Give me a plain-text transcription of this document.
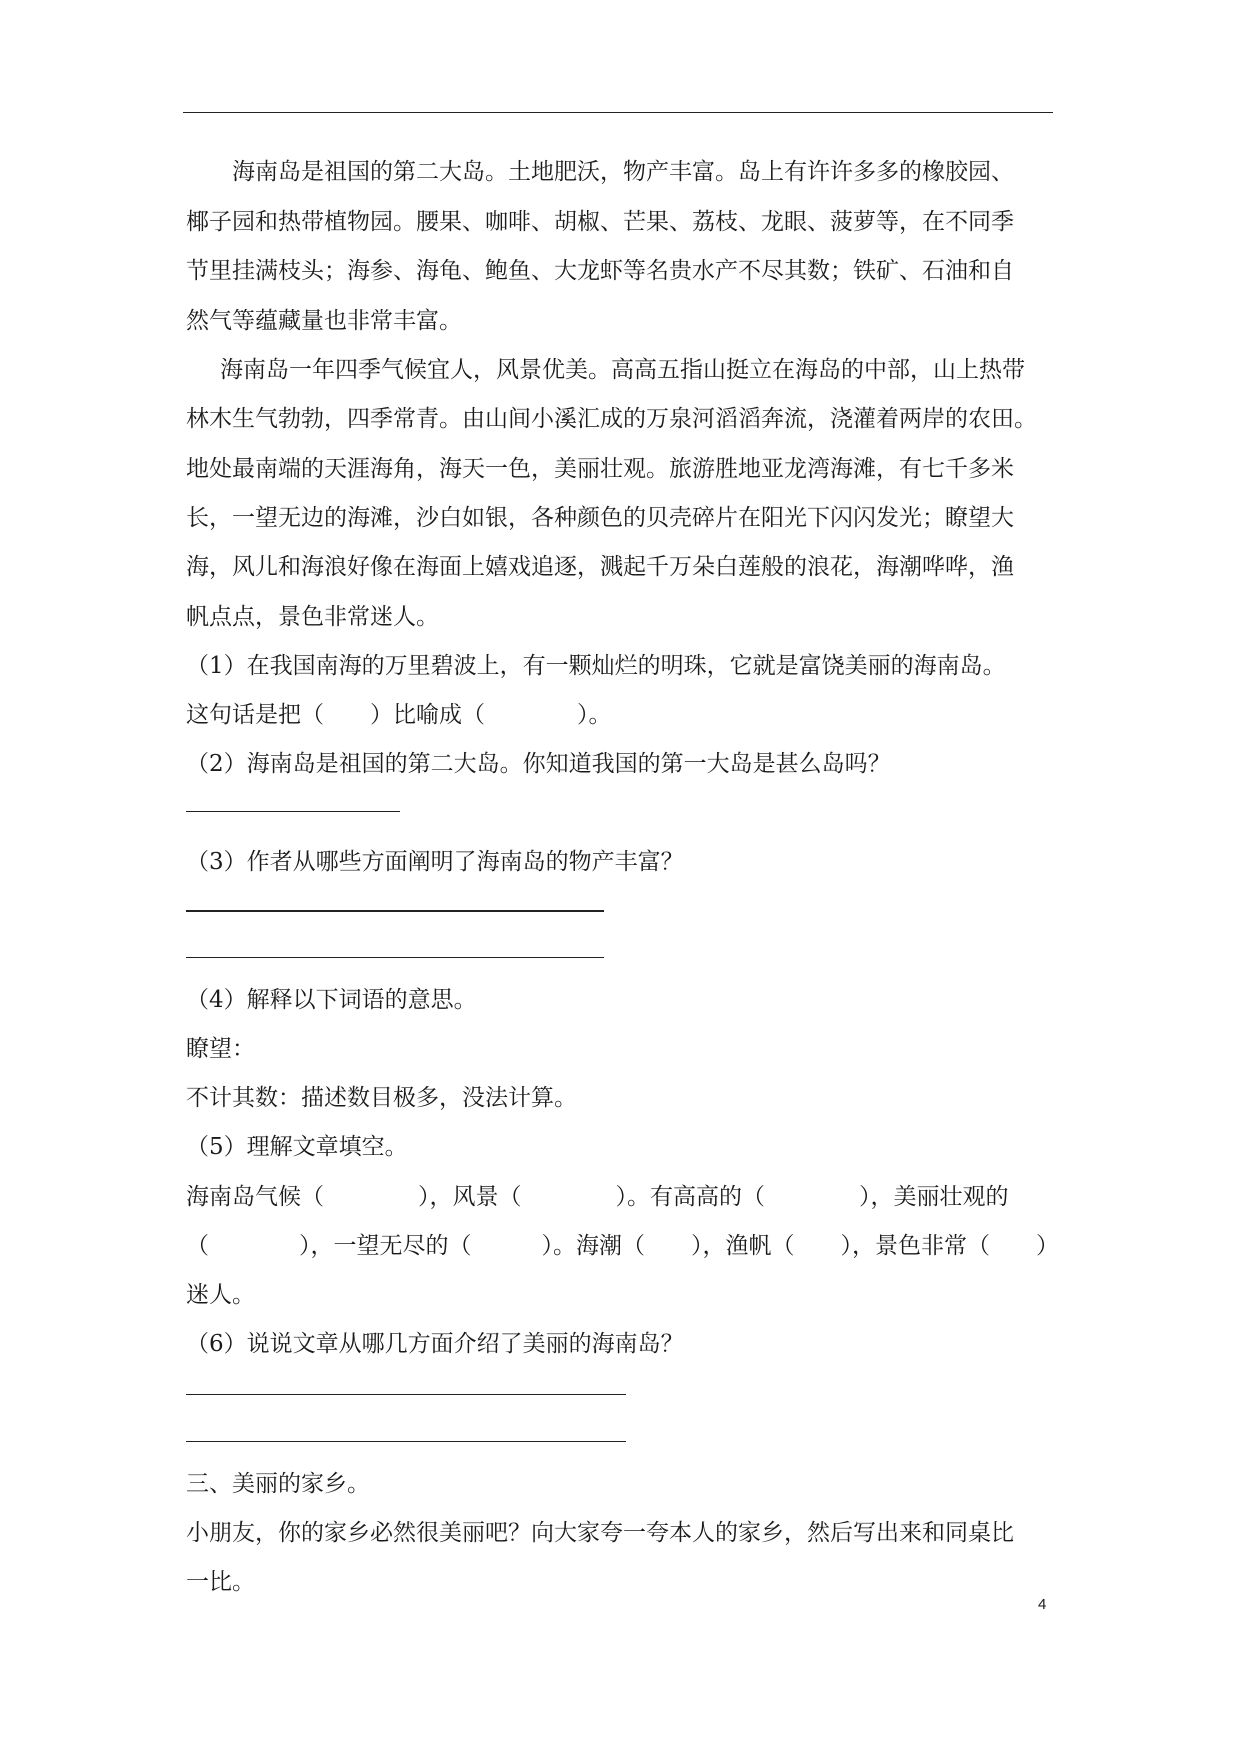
海南岛是祖国的第二大岛。土地肥沃，物产丰富。岛上有许许多多的橡胶园、
椰子园和热带植物园。腰果、咖啡、胡椒、芒果、荔枝、龙眼、菠萝等，在不同季
节里挂满枝头；海参、海龟、鲍鱼、大龙虾等名贵水产不尽其数；铁矿、石油和自
然气等蕴藏量也非常丰富。
海南岛一年四季气候宜人，风景优美。高高五指山挺立在海岛的中部，山上热带
林木生气勃勃，四季常青。由山间小溪汇成的万泉河滔滔奔流，浇灌着两岸的农田。
地处最南端的天涯海角，海天一色，美丽壮观。旅游胜地亚龙湾海滩，有七千多米
长，一望无边的海滩，沙白如银，各种颜色的贝壳碎片在阳光下闪闪发光；瞭望大
海，风儿和海浪好像在海面上嬉戏追逐，溅起千万朵白莲般的浪花，海潮哗哗，渔
帆点点，景色非常迷人。
（1）在我国南海的万里碧波上，有一颗灿烂的明珠，它就是富饶美丽的海南岛。
这句话是把（ ）比喻成（	）。
（2）海南岛是祖国的第二大岛。你知道我国的第一大岛是甚么岛吗？
（3）作者从哪些方面阐明了海南岛的物产丰富？
（4）解释以下词语的意思。
瞭望：
不计其数：描述数目极多，没法计算。
（5）理解文章填空。
海南岛气候（	），风景（	）。有高高的（	），美丽壮观的
（	），一望无尽的（	）。海潮（ ），渔帆（ ），景色非常（ ）
迷人。
（6）说说文章从哪几方面介绍了美丽的海南岛？
三、美丽的家乡。
小朋友，你的家乡必然很美丽吧？向大家夸一夸本人的家乡，然后写出来和同桌比
一比。
4
